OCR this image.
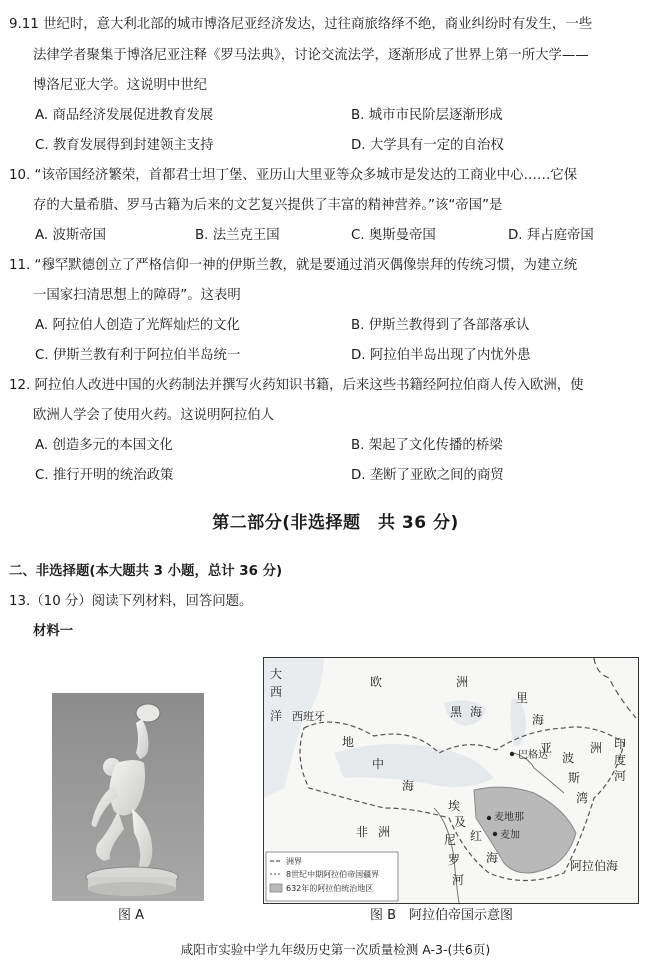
9.11 世纪时，意大利北部的城市博洛尼亚经济发达，过往商旅络绎不绝，商业纠纷时有发生，一些
法律学者聚集于博洛尼亚注释《罗马法典》，讨论交流法学，逐渐形成了世界上第一所大学——
博洛尼亚大学。这说明中世纪
A. 商品经济发展促进教育发展	B. 城市市民阶层逐渐形成
C. 教育发展得到封建领主支持	D. 大学具有一定的自治权
10. “该帝国经济繁荣，首都君士坦丁堡、亚历山大里亚等众多城市是发达的工商业中心……它保
存的大量希腊、罗马古籍为后来的文艺复兴提供了丰富的精神营养。”该“帝国”是
A. 波斯帝国	B. 法兰克王国	C. 奥斯曼帝国	D. 拜占庭帝国
11. “穆罕默德创立了严格信仰一神的伊斯兰教，就是要通过消灭偶像崇拜的传统习惯，为建立统
一国家扫清思想上的障碍”。这表明
A. 阿拉伯人创造了光辉灿烂的文化	B. 伊斯兰教得到了各部落承认
C. 伊斯兰教有利于阿拉伯半岛统一	D. 阿拉伯半岛出现了内忧外患
12. 阿拉伯人改进中国的火药制法并撰写火药知识书籍，后来这些书籍经阿拉伯商人传入欧洲，使
欧洲人学会了使用火药。这说明阿拉伯人
A. 创造多元的本国文化	B. 架起了文化传播的桥梁
C. 推行开明的统治政策	D. 垄断了亚欧之间的商贸
第二部分(非选择题　共 36 分)
二、非选择题(本大题共 3 小题，总计 36 分)
13.（10 分）阅读下列材料，回答问题。
材料一
图 A
大
西
洋
欧	洲
西班牙
地
中
海
黑 海
里
海
亚	洲 印
度
河
巴格达 波
斯
湾
埃
及
尼
罗
河
红
海
麦地那
麦加
非洲
阿拉伯海
洲界
8世纪中期阿拉伯帝国疆界
632年的阿拉伯统治地区
图 B　阿拉伯帝国示意图
咸阳市实验中学九年级历史第一次质量检测 A-3-(共6页)
